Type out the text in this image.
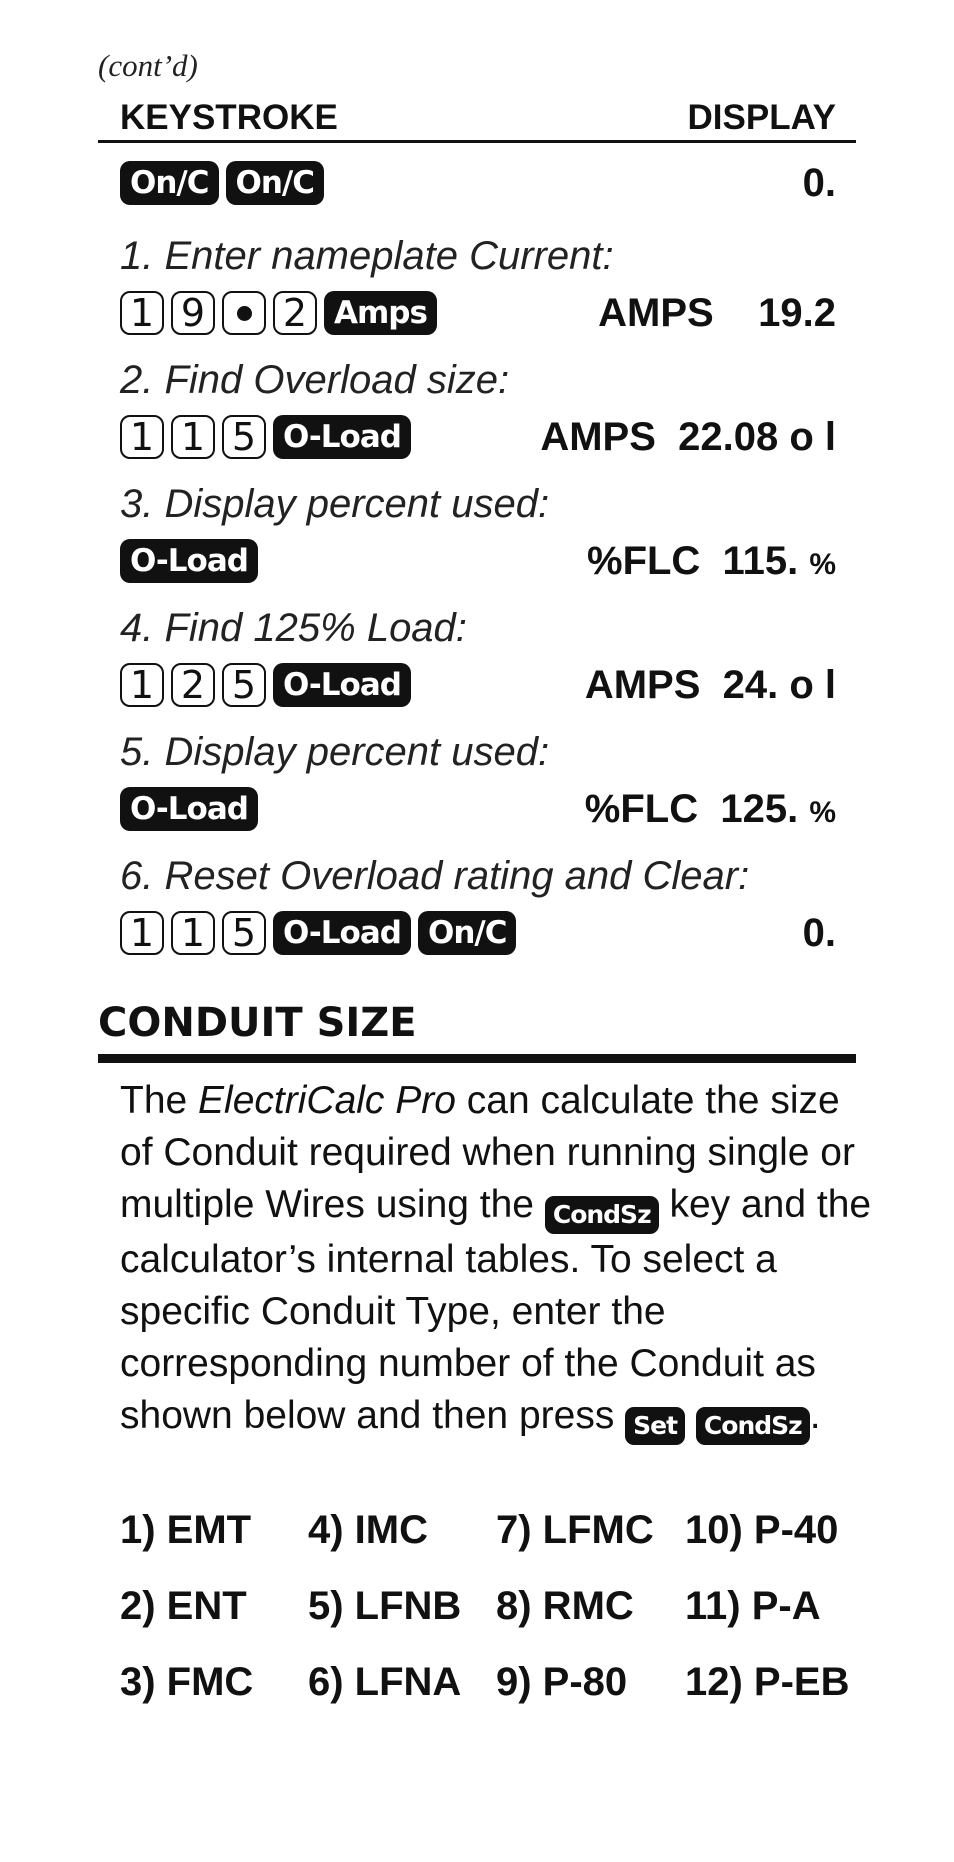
(cont’d)
KEYSTROKE	DISPLAY
On/C On/C	0.
1. Enter nameplate Current:
1 9 2 Amps	AMPS    19.2
2. Find Overload size:
1 1 5 O-Load	AMPS  22.08 o l
3. Display percent used:
O-Load	%FLC  115. %
4. Find 125% Load:
1 2 5 O-Load	AMPS  24. o l
5. Display percent used:
O-Load	%FLC  125. %
6. Reset Overload rating and Clear:
1 1 5 O-Load On/C	0.
CONDUIT SIZE
The ElectriCalc Pro can calculate the size of Conduit required when running single or multiple Wires using the CondSz key and the calculator’s internal tables. To select a specific Conduit Type, enter the corresponding number of the Conduit as shown below and then press Set CondSz .
1) EMT 4) IMC 7) LFMC 10) P-40
2) ENT 5) LFNB 8) RMC 11) P-A
3) FMC 6) LFNA 9) P-80 12) P-EB
